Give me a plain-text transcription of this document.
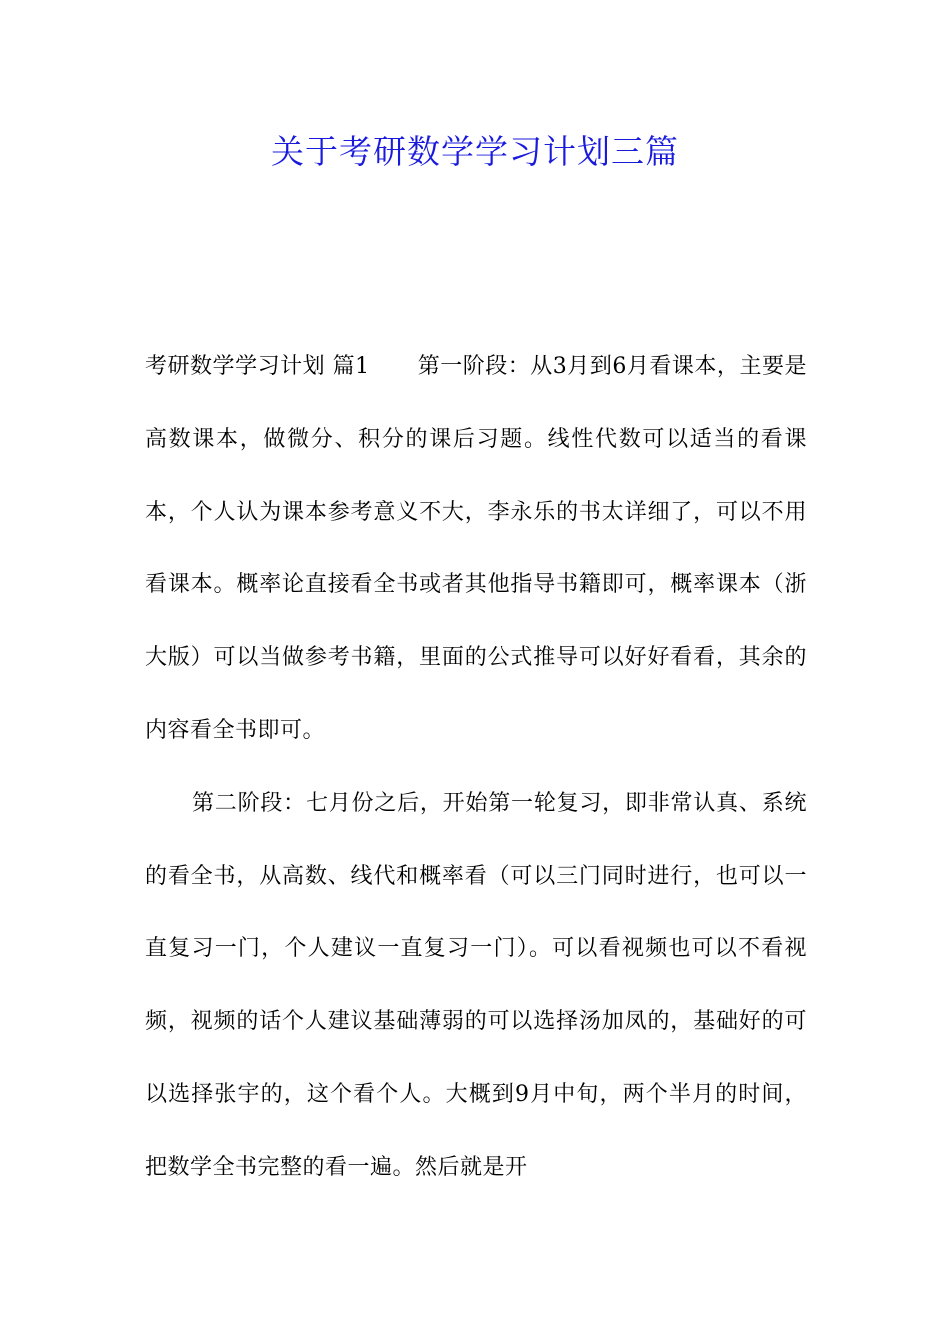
关于考研数学学习计划三篇

考研数学学习计划 篇1 第一阶段：从3月到6月看课本，主要是高数课本，做微分、积分的课后习题。线性代数可以适当的看课本，个人认为课本参考意义不大，李永乐的书太详细了，可以不用看课本。概率论直接看全书或者其他指导书籍即可，概率课本（浙大版）可以当做参考书籍，里面的公式推导可以好好看看，其余的内容看全书即可。

第二阶段：七月份之后，开始第一轮复习，即非常认真、系统的看全书，从高数、线代和概率看（可以三门同时进行，也可以一直复习一门，个人建议一直复习一门）。可以看视频也可以不看视频，视频的话个人建议基础薄弱的可以选择汤加凤的，基础好的可以选择张宇的，这个看个人。大概到9月中旬，两个半月的时间，把数学全书完整的看一遍。然后就是开
